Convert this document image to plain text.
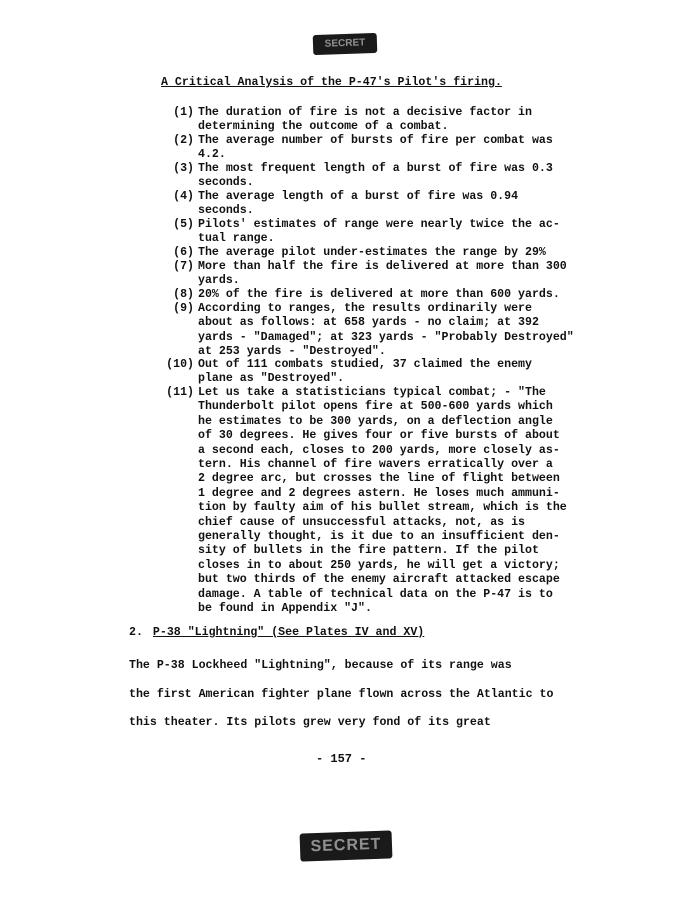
SECRET
A Critical Analysis of the P-47's Pilot's firing.
(1) The duration of fire is not a decisive factor in
determining the outcome of a combat.
(2) The average number of bursts of fire per combat was
4.2.
(3) The most frequent length of a burst of fire was 0.3
seconds.
(4) The average length of a burst of fire was 0.94
seconds.
(5) Pilots' estimates of range were nearly twice the ac-
tual range.
(6) The average pilot under-estimates the range by 29%
(7) More than half the fire is delivered at more than 300
yards.
(8) 20% of the fire is delivered at more than 600 yards.
(9) According to ranges, the results ordinarily were
about as follows: at 658 yards - no claim; at 392
yards - "Damaged"; at 323 yards - "Probably Destroyed"
at 253 yards - "Destroyed".
(10) Out of 111 combats studied, 37 claimed the enemy
plane as "Destroyed".
(11) Let us take a statisticians typical combat; - "The
Thunderbolt pilot opens fire at 500-600 yards which
he estimates to be 300 yards, on a deflection angle
of 30 degrees. He gives four or five bursts of about
a second each, closes to 200 yards, more closely as-
tern. His channel of fire wavers erratically over a
2 degree arc, but crosses the line of flight between
1 degree and 2 degrees astern. He loses much ammuni-
tion by faulty aim of his bullet stream, which is the
chief cause of unsuccessful attacks, not, as is
generally thought, is it due to an insufficient den-
sity of bullets in the fire pattern. If the pilot
closes in to about 250 yards, he will get a victory;
but two thirds of the enemy aircraft attacked escape
damage. A table of technical data on the P-47 is to
be found in Appendix "J".
2. P-38 "Lightning" (See Plates IV and XV)
The P-38 Lockheed "Lightning", because of its range was
the first American fighter plane flown across the Atlantic to
this theater. Its pilots grew very fond of its great
- 157 -
SECRET
